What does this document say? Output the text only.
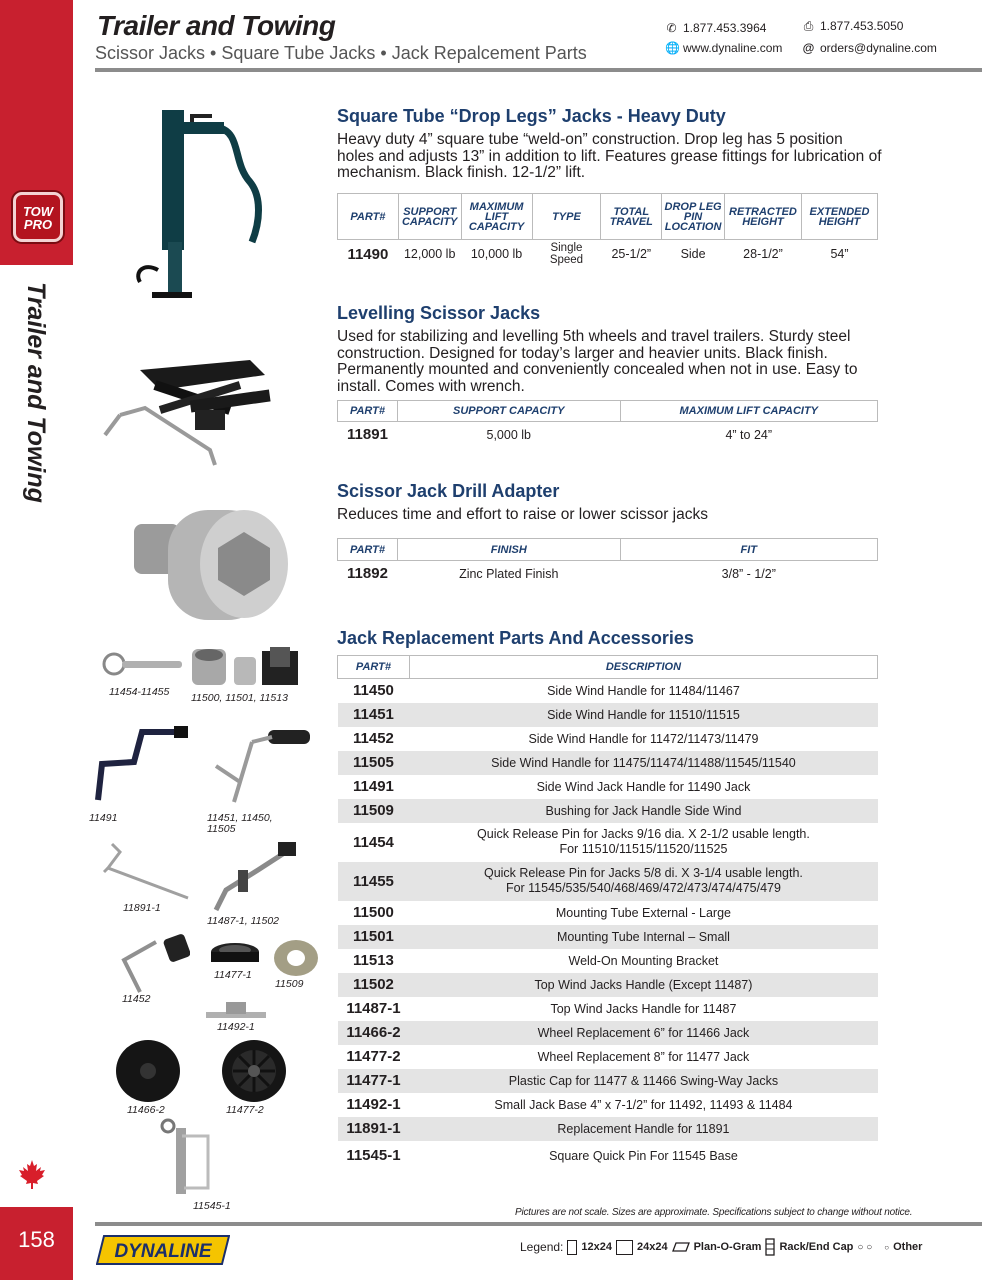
TOW
PRO
Trailer and Towing
158
Trailer and Towing
Scissor Jacks • Square Tube Jacks • Jack Repalcement Parts
✆ 1.877.453.3964	⎙ 1.877.453.5050
🌐 www.dynaline.com @ orders@dynaline.com
11454-11455 11500, 11501, 11513
11491	11451, 11450,
11505
11891-1
11487-1, 11502
11452
11477-1
11509
11492-1
11466-2	11477-2
11545-1
Square Tube “Drop Legs” Jacks - Heavy Duty
Heavy duty 4” square tube “weld-on” construction. Drop leg has 5 position holes and adjusts 13” in addition to lift. Features grease fittings for lubrication of mechanism. Black finish. 12-1/2” lift.
PART#	SUPPORT CAPACITY	MAXIMUM LIFT CAPACITY	TYPE	TOTAL TRAVEL	DROP LEG PIN LOCATION	RETRACTED HEIGHT	EXTENDED HEIGHT
11490	12,000 lb	10,000 lb	Single Speed	25-1/2”	Side	28-1/2”	54”
Levelling Scissor Jacks
Used for stabilizing and levelling 5th wheels and travel trailers. Sturdy steel construction. Designed for today’s larger and heavier units. Black finish. Permanently mounted and conveniently concealed when not in use. Easy to install. Comes with wrench.
PART#	SUPPORT CAPACITY	MAXIMUM LIFT CAPACITY
11891	5,000 lb	4” to 24”
Scissor Jack Drill Adapter
Reduces time and effort to raise or lower scissor jacks
PART#	FINISH	FIT
11892	Zinc Plated Finish	3/8” - 1/2”
Jack Replacement Parts And Accessories
PART#	DESCRIPTION
11450	Side Wind Handle for 11484/11467
11451	Side Wind Handle for 11510/11515
11452	Side Wind Handle for 11472/11473/11479
11505	Side Wind Handle for 11475/11474/11488/11545/11540
11491	Side Wind Jack Handle for 11490 Jack
11509	Bushing for Jack Handle Side Wind
11454	Quick Release Pin for Jacks 9/16 dia. X 2-1/2 usable length.
For 11510/11515/11520/11525
11455	Quick Release Pin for Jacks 5/8 di. X 3-1/4 usable length.
For 11545/535/540/468/469/472/473/474/475/479
11500	Mounting Tube External - Large
11501	Mounting Tube Internal – Small
11513	Weld-On Mounting Bracket
11502	Top Wind Jacks Handle (Except 11487)
11487-1	Top Wind Jacks Handle for 11487
11466-2	Wheel Replacement 6” for 11466 Jack
11477-2	Wheel Replacement 8” for 11477 Jack
11477-1	Plastic Cap for 11477 & 11466 Swing-Way Jacks
11492-1	Small Jack Base 4” x 7-1/2” for 11492, 11493 & 11484
11891-1	Replacement Handle for 11891
11545-1	Square Quick Pin For 11545 Base
Pictures are not scale. Sizes are approximate. Specifications subject to change without notice.
DYNALINE	Legend: 12x24 24x24 Plan-O-Gram Rack/End Cap ○ ○ ○ Other
